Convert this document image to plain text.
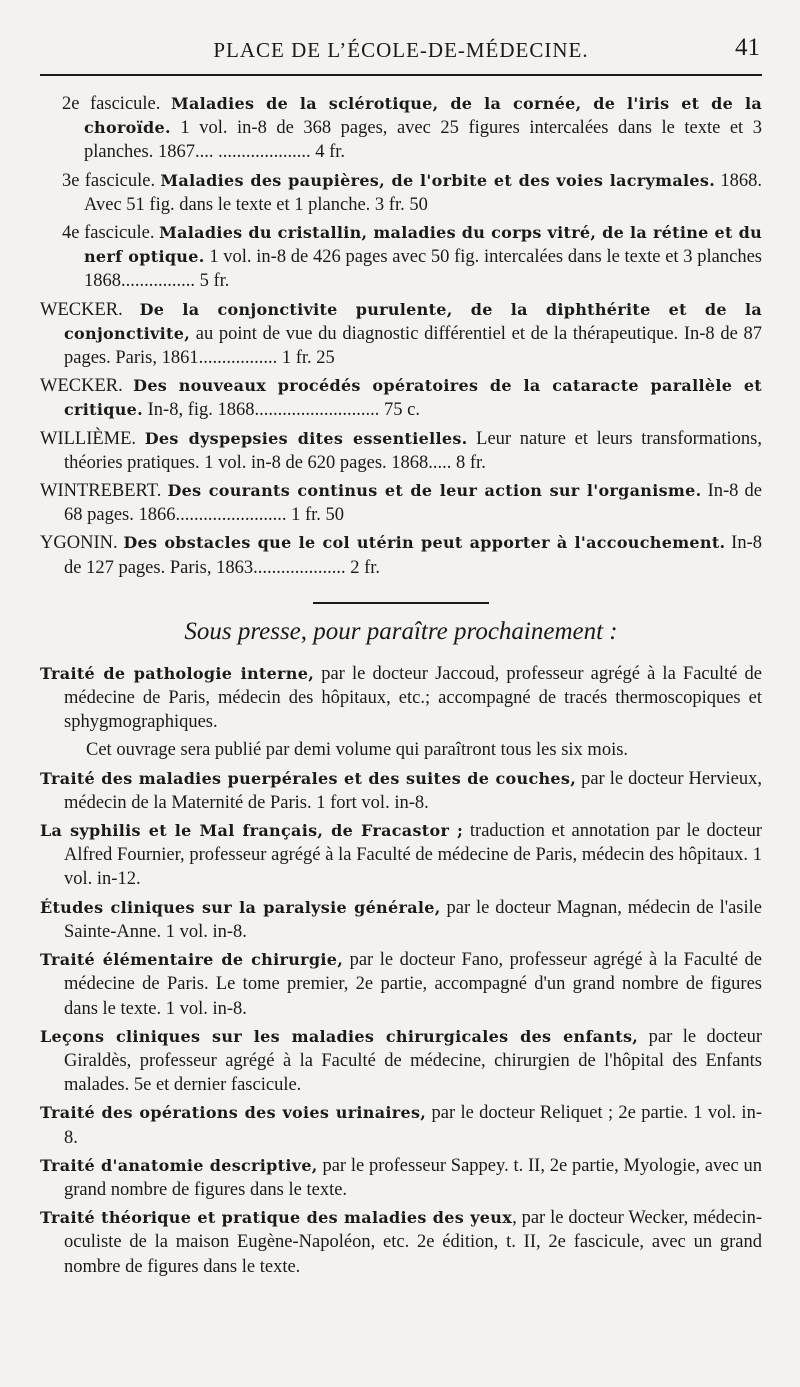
PLACE DE L’ÉCOLE-DE-MÉDECINE.	41

2e fascicule. Maladies de la sclérotique, de la cornée, de l'iris et de la choroïde. 1 vol. in-8 de 368 pages, avec 25 figures intercalées dans le texte et 3 planches. 1867.... .................... 4 fr.

3e fascicule. Maladies des paupières, de l'orbite et des voies lacrymales. 1868. Avec 51 fig. dans le texte et 1 planche. 3 fr. 50

4e fascicule. Maladies du cristallin, maladies du corps vitré, de la rétine et du nerf optique. 1 vol. in-8 de 426 pages avec 50 fig. intercalées dans le texte et 3 planches 1868................ 5 fr.

WECKER. De la conjonctivite purulente, de la diphthérite et de la conjonctivite, au point de vue du diagnostic différentiel et de la thérapeutique. In-8 de 87 pages. Paris, 1861................. 1 fr. 25

WECKER. Des nouveaux procédés opératoires de la cataracte parallèle et critique. In-8, fig. 1868........................... 75 c.

WILLIÈME. Des dyspepsies dites essentielles. Leur nature et leurs transformations, théories pratiques. 1 vol. in-8 de 620 pages. 1868..... 8 fr.

WINTREBERT. Des courants continus et de leur action sur l'organisme. In-8 de 68 pages. 1866........................ 1 fr. 50

YGONIN. Des obstacles que le col utérin peut apporter à l'accouchement. In-8 de 127 pages. Paris, 1863.................... 2 fr.

Sous presse, pour paraître prochainement :

Traité de pathologie interne, par le docteur Jaccoud, professeur agrégé à la Faculté de médecine de Paris, médecin des hôpitaux, etc.; accompagné de tracés thermoscopiques et sphygmographiques.

Cet ouvrage sera publié par demi volume qui paraîtront tous les six mois.

Traité des maladies puerpérales et des suites de couches, par le docteur Hervieux, médecin de la Maternité de Paris. 1 fort vol. in-8.

La syphilis et le Mal français, de Fracastor ; traduction et annotation par le docteur Alfred Fournier, professeur agrégé à la Faculté de médecine de Paris, médecin des hôpitaux. 1 vol. in-12.

Études cliniques sur la paralysie générale, par le docteur Magnan, médecin de l'asile Sainte-Anne. 1 vol. in-8.

Traité élémentaire de chirurgie, par le docteur Fano, professeur agrégé à la Faculté de médecine de Paris. Le tome premier, 2e partie, accompagné d'un grand nombre de figures dans le texte. 1 vol. in-8.

Leçons cliniques sur les maladies chirurgicales des enfants, par le docteur Giraldès, professeur agrégé à la Faculté de médecine, chirurgien de l'hôpital des Enfants malades. 5e et dernier fascicule.

Traité des opérations des voies urinaires, par le docteur Reliquet ; 2e partie. 1 vol. in-8.

Traité d'anatomie descriptive, par le professeur Sappey. t. II, 2e partie, Myologie, avec un grand nombre de figures dans le texte.

Traité théorique et pratique des maladies des yeux, par le docteur Wecker, médecin-oculiste de la maison Eugène-Napoléon, etc. 2e édition, t. II, 2e fascicule, avec un grand nombre de figures dans le texte.
